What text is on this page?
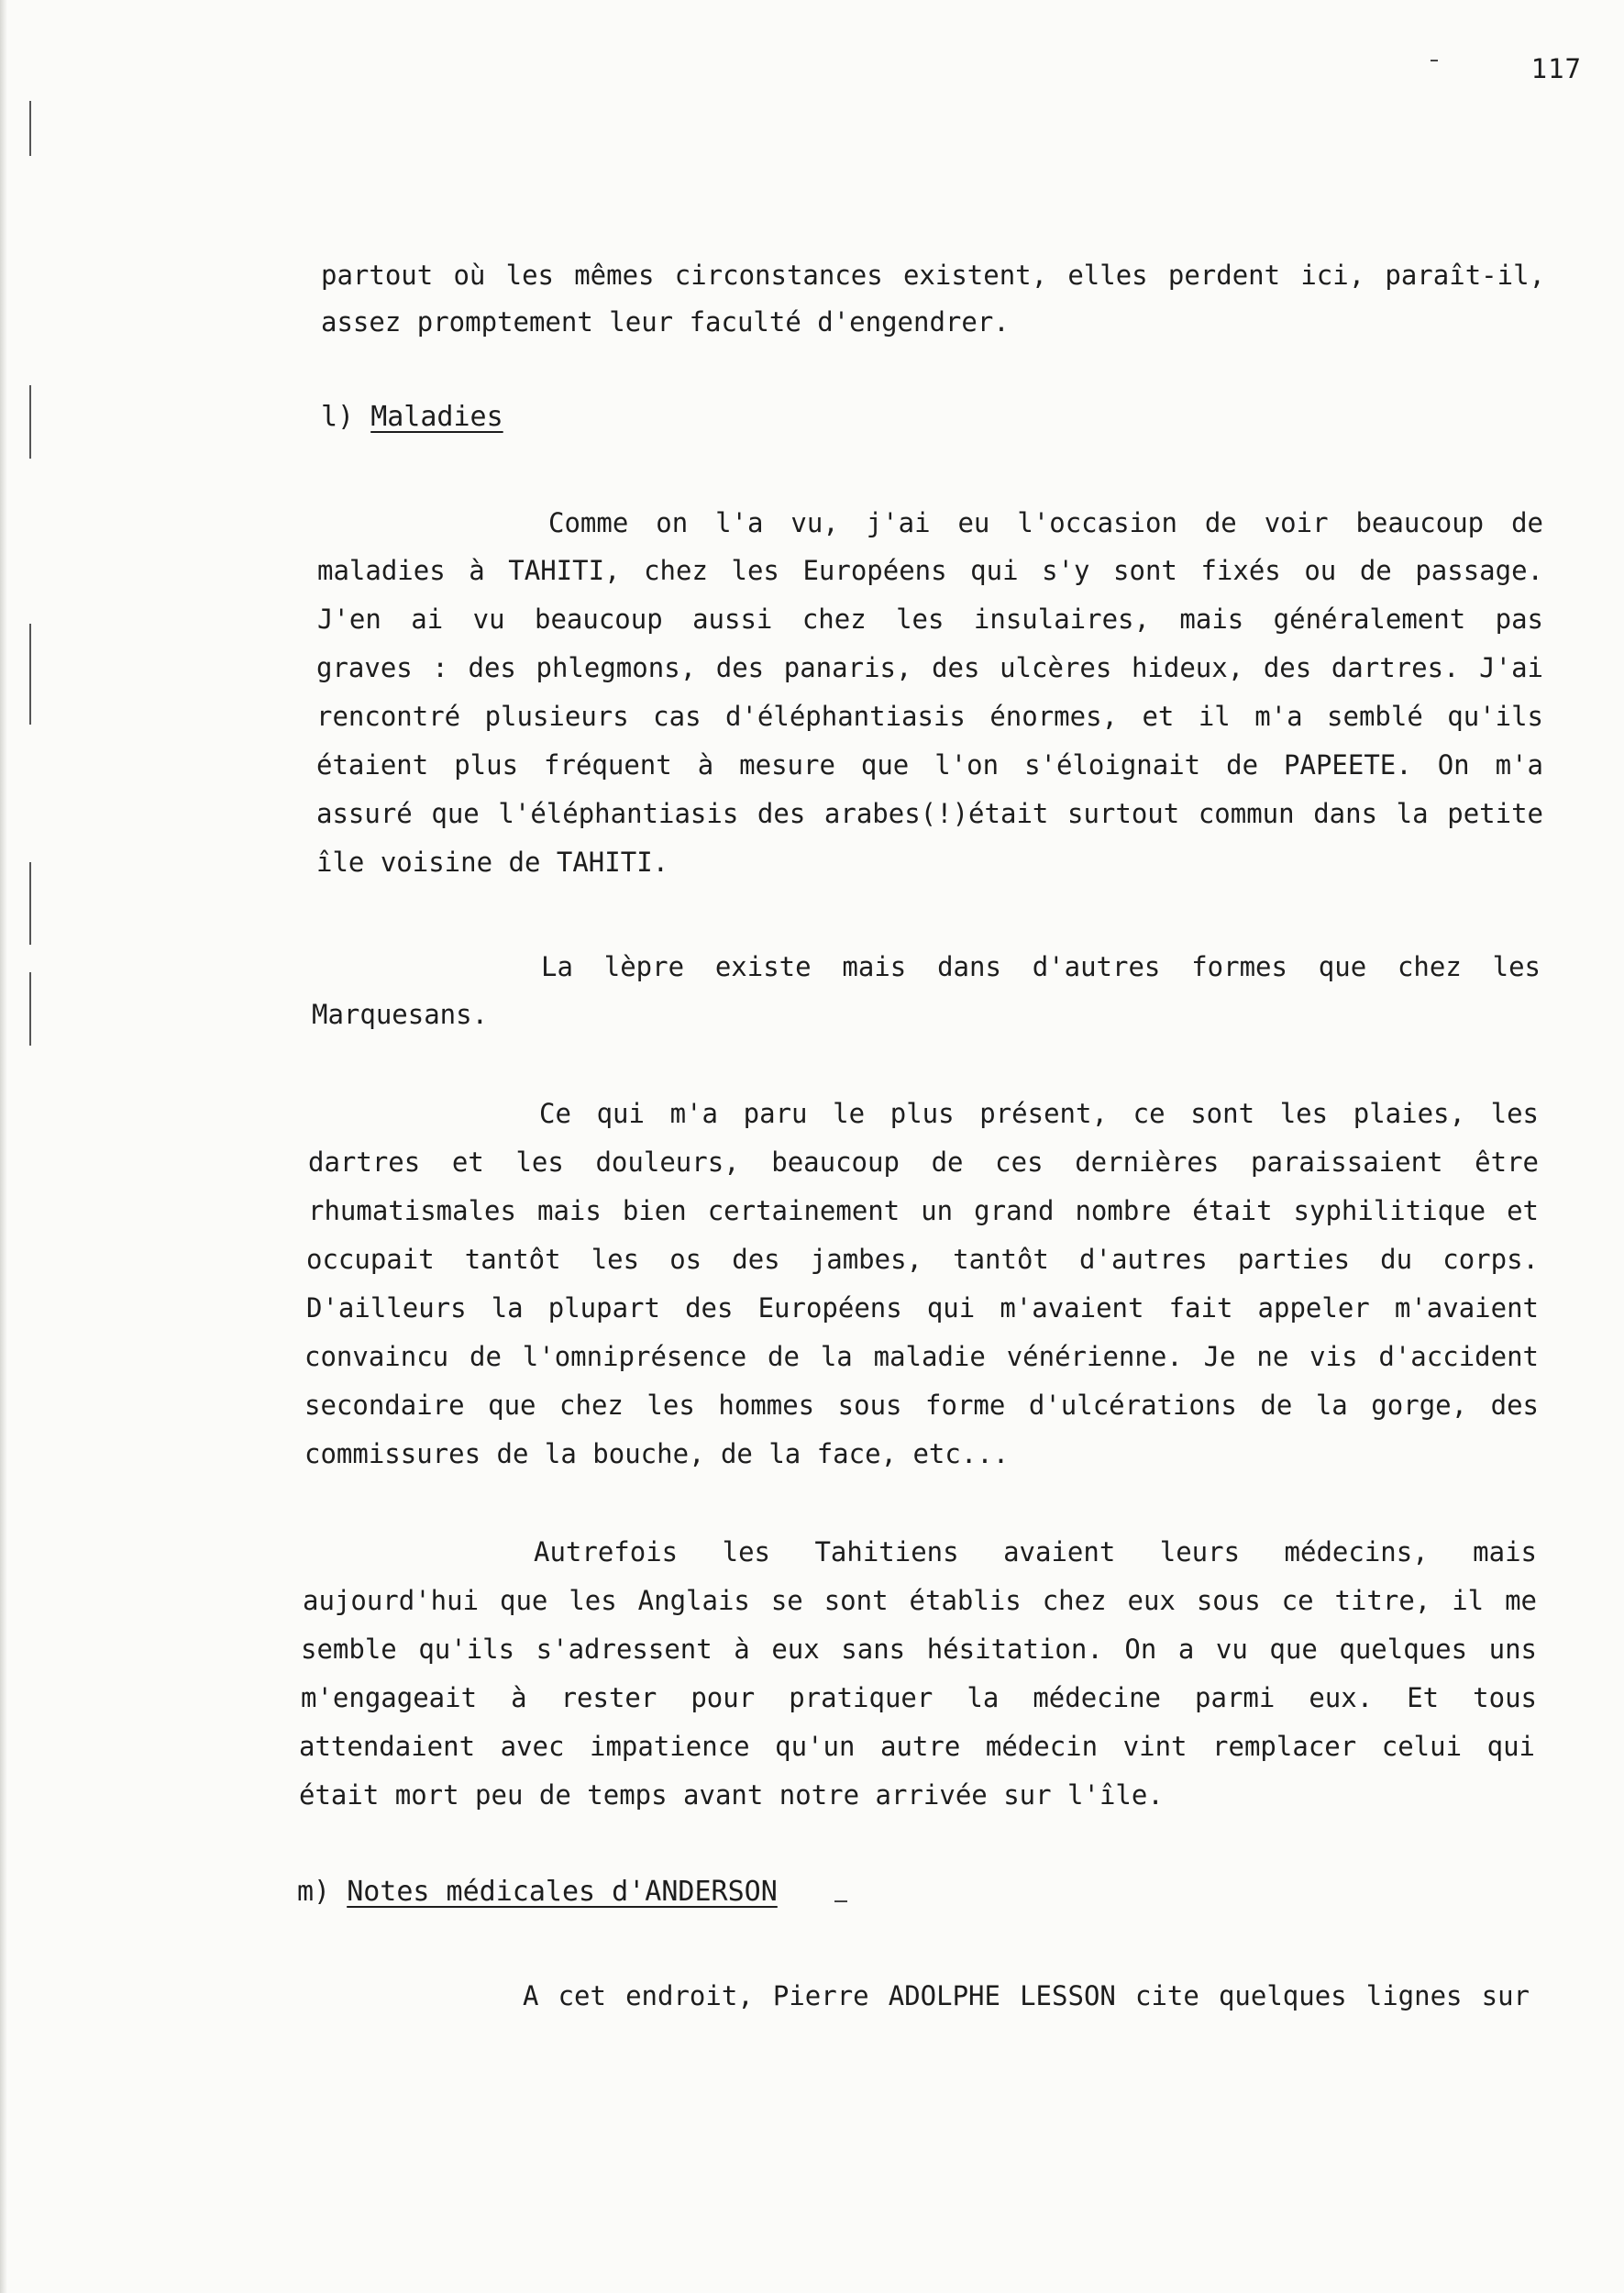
117
partout où les mêmes circonstances existent, elles perdent ici, paraît-il,
assez promptement leur faculté d'engendrer.
l) Maladies
Comme on l'a vu, j'ai eu l'occasion de voir beaucoup de
maladies à TAHITI, chez les Européens qui s'y sont fixés ou de passage.
J'en ai vu beaucoup aussi chez les insulaires, mais généralement pas
graves : des phlegmons, des panaris, des ulcères hideux, des dartres. J'ai
rencontré plusieurs cas d'éléphantiasis énormes, et il m'a semblé qu'ils
étaient plus fréquent à mesure que l'on s'éloignait de PAPEETE. On m'a
assuré que l'éléphantiasis des arabes(!)était surtout commun dans la petite
île voisine de TAHITI.
La lèpre existe mais dans d'autres formes que chez les
Marquesans.
Ce qui m'a paru le plus présent, ce sont les plaies, les
dartres et les douleurs, beaucoup de ces dernières paraissaient être
rhumatismales mais bien certainement un grand nombre était syphilitique et
occupait tantôt les os des jambes, tantôt d'autres parties du corps.
D'ailleurs la plupart des Européens qui m'avaient fait appeler m'avaient
convaincu de l'omniprésence de la maladie vénérienne. Je ne vis d'accident
secondaire que chez les hommes sous forme d'ulcérations de la gorge, des
commissures de la bouche, de la face, etc...
Autrefois les Tahitiens avaient leurs médecins, mais
aujourd'hui que les Anglais se sont établis chez eux sous ce titre, il me
semble qu'ils s'adressent à eux sans hésitation. On a vu que quelques uns
m'engageait à rester pour pratiquer la médecine parmi eux. Et tous
attendaient avec impatience qu'un autre médecin vint remplacer celui qui
était mort peu de temps avant notre arrivée sur l'île.
m) Notes médicales d'ANDERSON
A cet endroit, Pierre ADOLPHE LESSON cite quelques lignes sur
